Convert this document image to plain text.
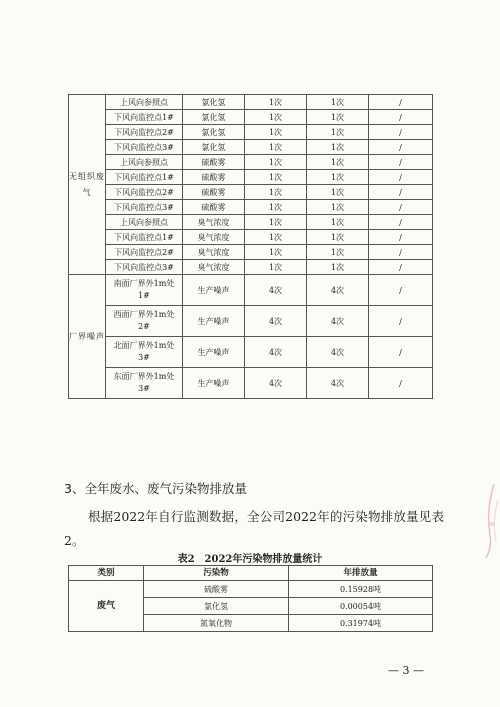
无组织废气	上风向参照点	氯化氢	1次	1次	/
	下风向监控点1#	氯化氢	1次	1次	/
	下风向监控点2#	氯化氢	1次	1次	/
	下风向监控点3#	氯化氢	1次	1次	/
	上风向参照点	硫酸雾	1次	1次	/
	下风向监控点1#	硫酸雾	1次	1次	/
	下风向监控点2#	硫酸雾	1次	1次	/
	下风向监控点3#	硫酸雾	1次	1次	/
	上风向参照点	臭气浓度	1次	1次	/
	下风向监控点1#	臭气浓度	1次	1次	/
	下风向监控点2#	臭气浓度	1次	1次	/
	下风向监控点3#	臭气浓度	1次	1次	/
厂界噪声	南面厂界外1m处1#	生产噪声	4次	4次	/
	西面厂界外1m处2#	生产噪声	4次	4次	/
	北面厂界外1m处3#	生产噪声	4次	4次	/
	东面厂界外1m处3#	生产噪声	4次	4次	/

3、全年废水、废气污染物排放量

根据2022年自行监测数据，全公司2022年的污染物排放量见表2。

表2　2022年污染物排放量统计

类别	污染物	年排放量
废气	硫酸雾	0.15928吨
	氯化氢	0.00054吨
	氮氧化物	0.31974吨
— 3 —
